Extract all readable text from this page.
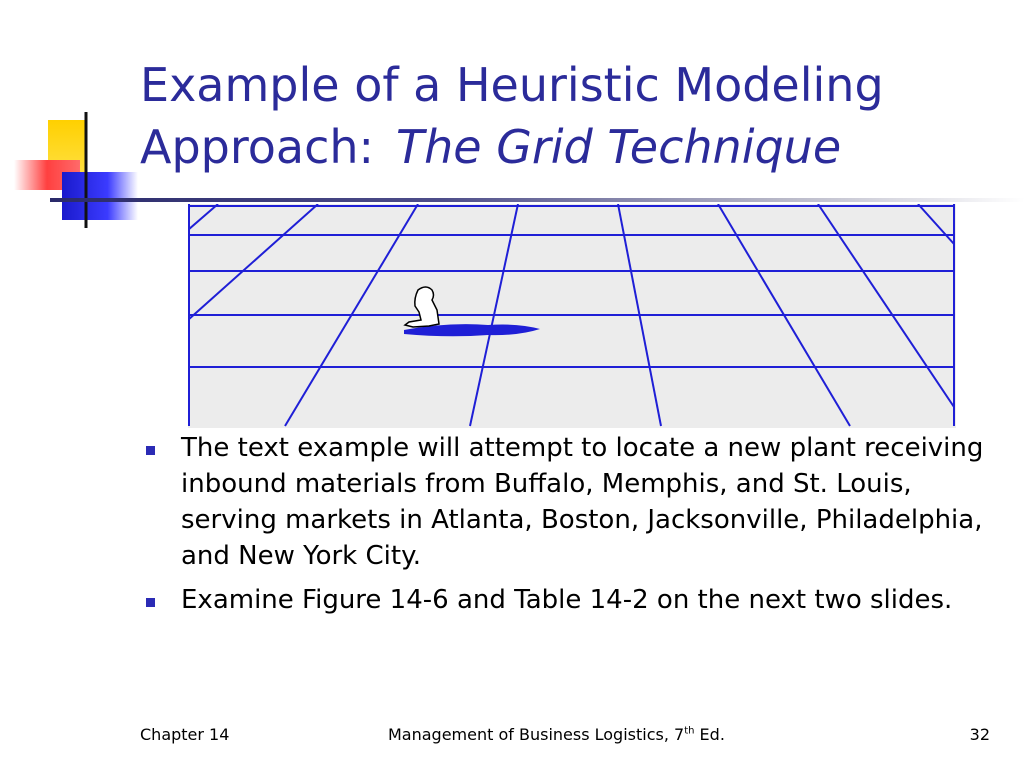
Example of a Heuristic Modeling
Approach: The Grid Technique
The text example will attempt to locate a new plant receiving inbound materials from Buffalo, Memphis, and St. Louis, serving markets in Atlanta, Boston, Jacksonville, Philadelphia, and New York City.
Examine Figure 14-6 and Table 14-2 on the next two slides.
Chapter 14	Management of Business Logistics, 7th Ed.	32
